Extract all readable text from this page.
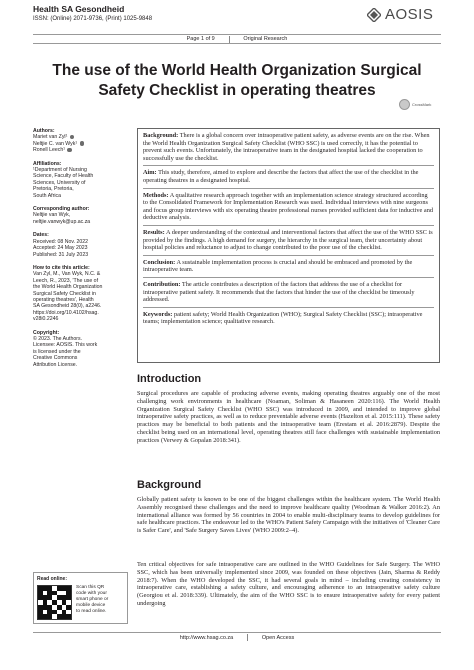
Health SA Gesondheid
ISSN: (Online) 2071-9736, (Print) 1025-9848	AOSIS
Page 1 of 9	Original Research
The use of the World Health Organization Surgical
Safety Checklist in operating theatres
CrossMark
Authors:
Mariet van Zyl¹
Neltjie C. van Wyk¹
Ronell Leech¹
Affiliations:
¹Department of Nursing
Science, Faculty of Health
Sciences, University of
Pretoria, Pretoria,
South Africa
Corresponding author:
Neltjie van Wyk,
neltjie.vanwyk@up.ac.za
Dates:
Received: 08 Nov. 2022
Accepted: 24 May 2023
Published: 31 July 2023
How to cite this article:
Van Zyl, M., Van Wyk, N.C. &
Leech, R., 2023, 'The use of
the World Health Organization
Surgical Safety Checklist in
operating theatres', Health
SA Gesondheid 28(0), a2246.
https://doi.org/10.4102/hsag.
v28i0.2246
Copyright:
© 2023. The Authors.
Licensee: AOSIS. This work
is licensed under the
Creative Commons
Attribution License.
Background: There is a global concern over intraoperative patient safety, as adverse events are on the rise. When the World Health Organization Surgical Safety Checklist (WHO SSC) is used correctly, it has the potential to prevent such events. Unfortunately, the intraoperative team in the designated hospital lacked the cooperation to successfully use the checklist.
Aim: This study, therefore, aimed to explore and describe the factors that affect the use of the checklist in the operating theatres in a designated hospital.
Methods: A qualitative research approach together with an implementation science strategy structured according to the Consolidated Framework for Implementation Research was used. Individual interviews with nine surgeons and focus group interviews with six operating theatre professional nurses provided sufficient data for inductive and deductive analysis.
Results: A deeper understanding of the contextual and interventional factors that affect the use of the WHO SSC is provided by the findings. A high demand for surgery, the hierarchy in the surgical team, their uncertainty about hospital policies and reluctance to adjust to change contributed to the poor use of the checklist.
Conclusion: A sustainable implementation process is crucial and should be embraced and promoted by the intraoperative team.
Contribution: The article contributes a description of the factors that address the use of a checklist for intraoperative patient safety. It recommends that the factors that hinder the use of the checklist be timeously addressed.
Keywords: patient safety; World Health Organization (WHO); Surgical Safety Checklist (SSC); intraoperative teams; implementation science; qualitative research.
Introduction
Surgical procedures are capable of producing adverse events, making operating theatres arguably one of the most challenging work environments in healthcare (Noaman, Soliman & Hasaneen 2020:116). The World Health Organization Surgical Safety Checklist (WHO SSC) was introduced in 2009, and intended to improve global intraoperative safety practices, as well as to reduce preventable adverse events (Hazelton et al. 2015:111). These safety practices may be beneficial to both patients and the intraoperative team (Erestam et al. 2016:2879). Despite the checklist being used on an international level, operating theatres still face challenges with sustainable implementation practices (Verwey & Gopalan 2018:341).
Background
Globally patient safety is known to be one of the biggest challenges within the healthcare system. The World Health Assembly recognised these challenges and the need to improve healthcare quality (Woodman & Walker 2016:2). An international alliance was formed by 56 countries in 2004 to enable multi-disciplinary teams to develop guidelines for safe healthcare practices. The endeavour led to the WHO's Patient Safety Campaign with the initiatives of 'Cleaner Care is Safer Care', and 'Safe Surgery Saves Lives' (WHO 2009:2–4).
Ten critical objectives for safe intraoperative care are outlined in the WHO Guidelines for Safe Surgery. The WHO SSC, which has been universally implemented since 2009, was founded on these objectives (Jain, Sharma & Reddy 2018:7). When the WHO developed the SSC, it had several goals in mind – including creating consistency in intraoperative care, establishing a safety culture, and encouraging adherence to an intraoperative safety culture (Georgiou et al. 2018:339). Ultimately, the aim of the WHO SSC is to ensure intraoperative safety for every patient undergoing
Read online:
Scan this QR
code with your
smart phone or
mobile device
to read online.
http://www.hsag.co.za	Open Access
